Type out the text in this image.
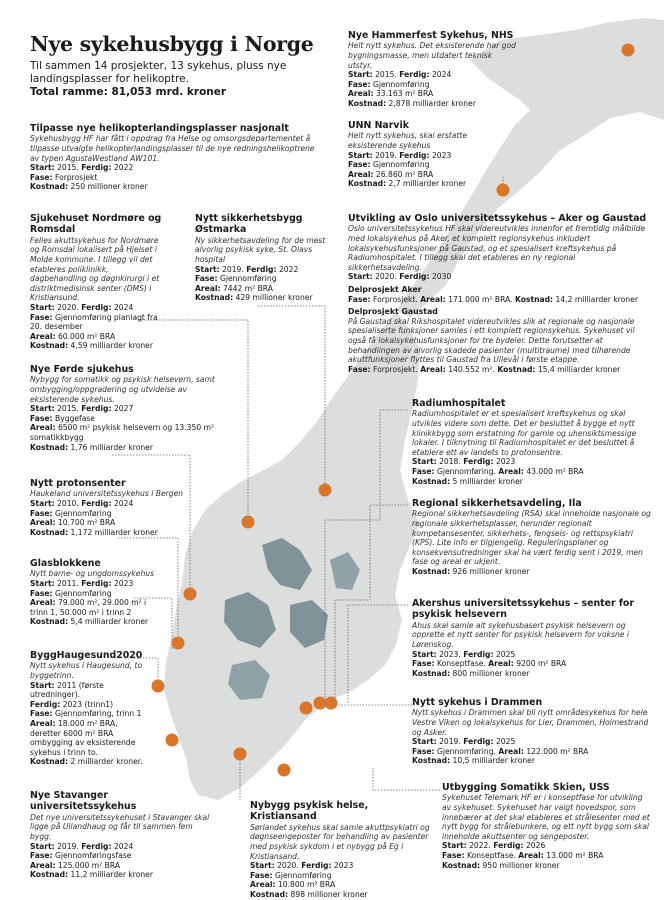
Nye sykehusbygg i Norge
Til sammen 14 prosjekter, 13 sykehus, pluss nye landingsplasser for helikoptre.
Total ramme: 81,053 mrd. kroner
Nye Hammerfest Sykehus, NHS
Helt nytt sykehus. Det eksisterende har god bygningsmasse, men utdatert teknisk utstyr.
Start: 2015. Ferdig: 2024
Fase: Gjennomføring
Areal: 33.163 m² BRA
Kostnad: 2,878 milliarder kroner
Tilpasse nye helikopterlandingsplasser nasjonalt
Sykehusbygg HF har fått i oppdrag fra Helse og omsorgsdepartementet å tilpasse utvalgte helikopterlandingsplasser til de nye redningshelikoptrene av typen AgustaWestland AW101.
Start: 2015. Ferdig: 2022
Fase: Forprosjekt
Kostnad: 250 millioner kroner
UNN Narvik
Helt nytt sykehus, skal erstatte eksisterende sykehus
Start: 2019. Ferdig: 2023
Fase: Gjennomføring
Areal: 26.860 m² BRA
Kostnad: 2,7 milliarder kroner
Sjukehuset Nordmøre og Romsdal
Felles akuttsykehus for Nordmøre og Romsdal lokalisert på Hjelset i Molde kommune. I tillegg vil det etableres poliklinikk, dagbehandling og døgnkirurgi i et distriktmedisinsk senter (DMS) i Kristiansund.
Start: 2020. Ferdig: 2024
Fase: Gjennomføring planlagt fra 20. desember
Areal: 60.000 m² BRA
Kostnad: 4,59 milliarder kroner
Nytt sikkerhetsbygg Østmarka
Ny sikkerhetsavdeling for de mest alvorlig psykisk syke, St. Olavs hospital
Start: 2019. Ferdig: 2022
Fase: Gjennomføring
Areal: 7442 m² BRA
Kostnad: 429 millioner kroner
Utvikling av Oslo universitetssykehus – Aker og Gaustad
Oslo universitetssykehus HF skal videreutvikles innenfor et fremtidig målbilde med lokalsykehus på Aker, et komplett regionsykehus inkludert lokalsykehusfunksjoner på Gaustad, og et spesialisert kreftsykehus på Radiumhospitalet. I tillegg skal det etableres en ny regional sikkerhetsavdeling.
Start: 2020. Ferdig: 2030
Delprosjekt Aker
Fase: Forprosjekt. Areal: 171.000 m² BRA. Kostnad: 14,2 milliarder kroner
Delprosjekt Gaustad
På Gaustad skal Rikshospitalet videreutvikles slik at regionale og nasjonale spesialiserte funksjoner samles i ett komplett regionsykehus. Sykehuset vil også få lokalsykehusfunksjoner for tre bydeler. Dette forutsetter at behandlingen av alvorlig skadede pasienter (multitraume) med tilhørende akuttfunksjoner flyttes til Gaustad fra Ullevål i første etappe.
Fase: Forprosjekt. Areal: 140.552 m². Kostnad: 15,4 milliarder kroner
Nye Førde sjukehus
Nybygg for somatikk og psykisk helsevern, samt ombygging/oppgradering og utvidelse av eksisterende sykehus.
Start: 2015. Ferdig: 2027
Fase: Byggefase
Areal: 6500 m² psykisk helsevern og 13.350 m² somatikkbygg
Kostnad: 1,76 milliarder kroner
Radiumhospitalet
Radiumhospitalet er et spesialisert kreftsykehus og skal utvikles videre som dette. Det er besluttet å bygge et nytt klinikkbygg som erstatning for gamle og uhensiktsmessige lokaler. I tilknytning til Radiumhospitalet er det besluttet å etablere ett av landets to protonsentre.
Start: 2018. Ferdig: 2023
Fase: Gjennomføring. Areal: 43.000 m² BRA
Kostnad: 5 milliarder kroner
Nytt protonsenter
Haukeland universitetssykehus i Bergen
Start: 2010. Ferdig: 2024
Fase: Gjennomføring
Areal: 10.700 m² BRA
Kostnad: 1,172 milliarder kroner
Regional sikkerhetsavdeling, Ila
Regional sikkerhetsavdeling (RSA) skal inneholde nasjonale og regionale sikkerhetsplasser, herunder regionalt kompetansesenter, sikkerhets-, fengsels- og rettspsykiatri (KPS). Lite info er tilgjengelig. Reguleringsplaner og konsekvensutredninger skal ha vært ferdig sent i 2019, men fase og areal er ukjent.
Kostnad: 926 millioner kroner
Glasblokkene
Nytt barne- og ungdomssykehus
Start: 2011. Ferdig: 2023
Fase: Gjennomføring
Areal: 79.000 m², 29.000 m² i trinn 1, 50.000 m² i trinn 2
Kostnad: 5,4 milliarder kroner
Akershus universitetssykehus – senter for psykisk helsevern
Ahus skal samle alt sykehusbasert psykisk helsevern og opprette et nytt senter for psykisk helsevern for voksne i Lørenskog.
Start: 2023. Ferdig: 2025
Fase: Konseptfase. Areal: 9200 m² BRA
Kostnad: 800 millioner kroner
ByggHaugesund2020
Nytt sykehus i Haugesund, to byggetrinn.
Start: 2011 (første utredninger).
Ferdig: 2023 (trinn1)
Fase: Gjennomføring, trinn 1
Areal: 18.000 m² BRA, deretter 6000 m² BRA ombygging av eksisterende sykehus i trinn to.
Kostnad: 2 milliarder kroner.
Nytt sykehus i Drammen
Nytt sykehus i Drammen skal bli nytt områdesykehus for hele Vestre Viken og lokalsykehus for Lier, Drammen, Holmestrand og Asker.
Start: 2019. Ferdig: 2025
Fase: Gjennomføring. Areal: 122.000 m² BRA
Kostnad: 10,5 milliarder kroner
Nye Stavanger universitetssykehus
Det nye universitetssykehuset i Stavanger skal ligge på Ullandhaug og får til sammen fem bygg.
Start: 2019. Ferdig: 2024
Fase: Gjennomføringsfase
Areal: 125.000 m² BRA
Kostnad: 11,2 milliarder kroner
Nybygg psykisk helse, Kristiansand
Sørlandet sykehus skal samle akuttpsykiatri og døgnseengeposter for behandling av pasienter med psykisk sykdom i et nybygg på Eg i Kristiansand.
Start: 2020. Ferdig: 2023
Fase: Gjennomføring
Areal: 10.800 m² BRA
Kostnad: 898 millioner kroner
Utbygging Somatikk Skien, USS
Sykehuset Telemark HF er i konseptfase for utvikling av sykehuset. Sykehuset har valgt hovedspor, som innebærer at det skal etableres et strålesenter med et nytt bygg for strålebunkere, og ett nytt bygg som skal inneholde akuttsenter og sengeposter.
Start: 2022. Ferdig: 2026
Fase: Konseptfase. Areal: 13.000 m² BRA
Kostnad: 950 millioner kroner
